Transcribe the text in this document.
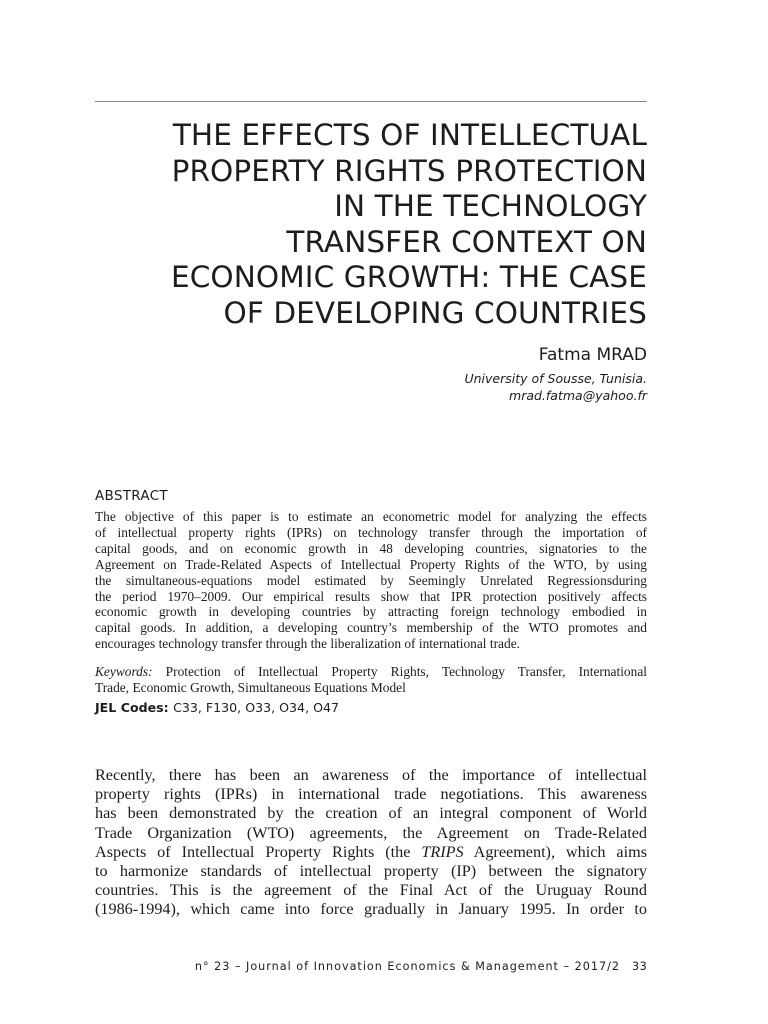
THE EFFECTS OF INTELLECTUAL
PROPERTY RIGHTS PROTECTION
IN THE TECHNOLOGY
TRANSFER CONTEXT ON
ECONOMIC GROWTH: THE CASE
OF DEVELOPING COUNTRIES
Fatma MRAD
University of Sousse, Tunisia.
mrad.fatma@yahoo.fr
ABSTRACT
The objective of this paper is to estimate an econometric model for analyzing the effects
of intellectual property rights (IPRs) on technology transfer through the importation of
capital goods, and on economic growth in 48 developing countries, signatories to the
Agreement on Trade-Related Aspects of Intellectual Property Rights of the WTO, by using
the simultaneous-equations model estimated by Seemingly Unrelated Regressionsduring
the period 1970–2009. Our empirical results show that IPR protection positively affects
economic growth in developing countries by attracting foreign technology embodied in
capital goods. In addition, a developing country’s membership of the WTO promotes and
encourages technology transfer through the liberalization of international trade.
Keywords: Protection of Intellectual Property Rights, Technology Transfer, International
Trade, Economic Growth, Simultaneous Equations Model
JEL Codes: C33, F130, O33, O34, O47
Recently, there has been an awareness of the importance of intellectual
property rights (IPRs) in international trade negotiations. This awareness
has been demonstrated by the creation of an integral component of World
Trade Organization (WTO) agreements, the Agreement on Trade-Related
Aspects of Intellectual Property Rights (the TRIPS Agreement), which aims
to harmonize standards of intellectual property (IP) between the signatory
countries. This is the agreement of the Final Act of the Uruguay Round
(1986-1994), which came into force gradually in January 1995. In order to
n° 23 – Journal of Innovation Economics & Management – 2017/2 33
